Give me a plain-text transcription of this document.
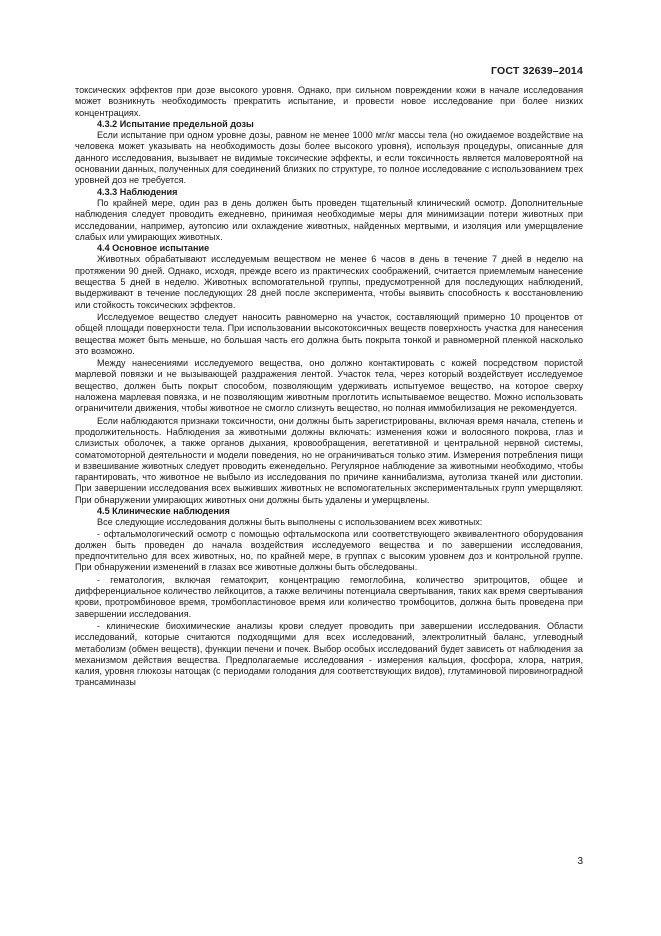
ГОСТ 32639–2014

токсических эффектов при дозе высокого уровня. Однако, при сильном повреждении кожи в начале исследования может возникнуть необходимость прекратить испытание, и провести новое исследование при более низких концентрациях.

4.3.2 Испытание предельной дозы

Если испытание при одном уровне дозы, равном не менее 1000 мг/кг массы тела (но ожидаемое воздействие на человека может указывать на необходимость дозы более высокого уровня), используя процедуры, описанные для данного исследования, вызывает не видимые токсические эффекты, и если токсичность является маловероятной на основании данных, полученных для соединений близких по структуре, то полное исследование с использованием трех уровней доз не требуется.

4.3.3 Наблюдения

По крайней мере, один раз в день должен быть проведен тщательный клинический осмотр. Дополнительные наблюдения следует проводить ежедневно, принимая необходимые меры для минимизации потери животных при исследовании, например, аутопсию или охлаждение животных, найденных мертвыми, и изоляция или умерщвление слабых или умирающих животных.

4.4 Основное испытание

Животных обрабатывают исследуемым веществом не менее 6 часов в день в течение 7 дней в неделю на протяжении 90 дней. Однако, исходя, прежде всего из практических соображений, считается приемлемым нанесение вещества 5 дней в неделю. Животных вспомогательной группы, предусмотренной для последующих наблюдений, выдерживают в течение последующих 28 дней после эксперимента, чтобы выявить способность к восстановлению или стойкость токсических эффектов.

Исследуемое вещество следует наносить равномерно на участок, составляющий примерно 10 процентов от общей площади поверхности тела. При использовании высокотоксичных веществ поверхность участка для нанесения вещества может быть меньше, но большая часть его должна быть покрыта тонкой и равномерной пленкой насколько это возможно.

Между нанесениями исследуемого вещества, оно должно контактировать с кожей посредством пористой марлевой повязки и не вызывающей раздражения лентой. Участок тела, через который воздействует исследуемое вещество, должен быть покрыт способом, позволяющим удерживать испытуемое вещество, на которое сверху наложена марлевая повязка, и не позволяющим животным проглотить испытываемое вещество. Можно использовать ограничители движения, чтобы животное не смогло слизнуть вещество, но полная иммобилизация не рекомендуется.

Если наблюдаются признаки токсичности, они должны быть зарегистрированы, включая время начала, степень и продолжительность. Наблюдения за животными должны включать: изменения кожи и волосяного покрова, глаз и слизистых оболочек, а также органов дыхания, кровообращения, вегетативной и центральной нервной системы, соматомоторной деятельности и модели поведения, но не ограничиваться только этим. Измерения потребления пищи и взвешивание животных следует проводить еженедельно. Регулярное наблюдение за животными необходимо, чтобы гарантировать, что животное не выбыло из исследования по причине каннибализма, аутолиза тканей или дистопии. При завершении исследования всех выживших животных не вспомогательных экспериментальных групп умерщвляют. При обнаружении умирающих животных они должны быть удалены и умерщвлены.

4.5 Клинические наблюдения

Все следующие исследования должны быть выполнены с использованием всех животных:

- офтальмологический осмотр с помощью офтальмоскопа или соответствующего эквивалентного оборудования должен быть проведен до начала воздействия исследуемого вещества и по завершении исследования, предпочтительно для всех животных, но, по крайней мере, в группах с высоким уровнем доз и контрольной группе. При обнаружении изменений в глазах все животные должны быть обследованы.

- гематология, включая гематокрит, концентрацию гемоглобина, количество эритроцитов, общее и дифференциальное количество лейкоцитов, а также величины потенциала свертывания, таких как время свертывания крови, протромбиновое время, тромбопластиновое время или количество тромбоцитов, должна быть проведена при завершении исследования.

- клинические биохимические анализы крови следует проводить при завершении исследования. Области исследований, которые считаются подходящими для всех исследований, электролитный баланс, углеводный метаболизм (обмен веществ), функции печени и почек. Выбор особых исследований будет зависеть от наблюдения за механизмом действия вещества. Предполагаемые исследования - измерения кальция, фосфора, хлора, натрия, калия, уровня глюкозы натощак (с периодами голодания для соответствующих видов), глутаминовой пировиноградной трансаминазы

3
